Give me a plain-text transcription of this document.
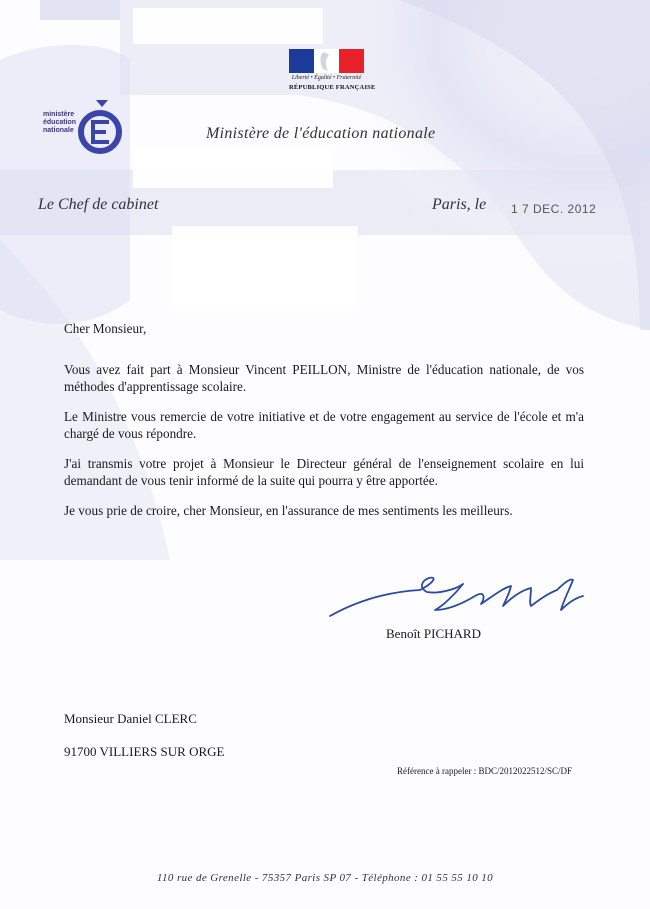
Liberté • Égalité • Fraternité
RÉPUBLIQUE FRANÇAISE
ministère
éducation
nationale	Ministère de l'éducation nationale
Le Chef de cabinet	Paris, le 1 7 DEC. 2012

Cher Monsieur,

Vous avez fait part à Monsieur Vincent PEILLON, Ministre de l'éducation nationale, de vos méthodes d'apprentissage scolaire.

Le Ministre vous remercie de votre initiative et de votre engagement au service de l'école et m'a chargé de vous répondre.

J'ai transmis votre projet à Monsieur le Directeur général de l'enseignement scolaire en lui demandant de vous tenir informé de la suite qui pourra y être apportée.

Je vous prie de croire, cher Monsieur, en l'assurance de mes sentiments les meilleurs.

Benoît PICHARD
Monsieur Daniel CLERC
91700 VILLIERS SUR ORGE
Référence à rappeler : BDC/2012022512/SC/DF
110 rue de Grenelle - 75357 Paris SP 07 - Téléphone : 01 55 55 10 10
